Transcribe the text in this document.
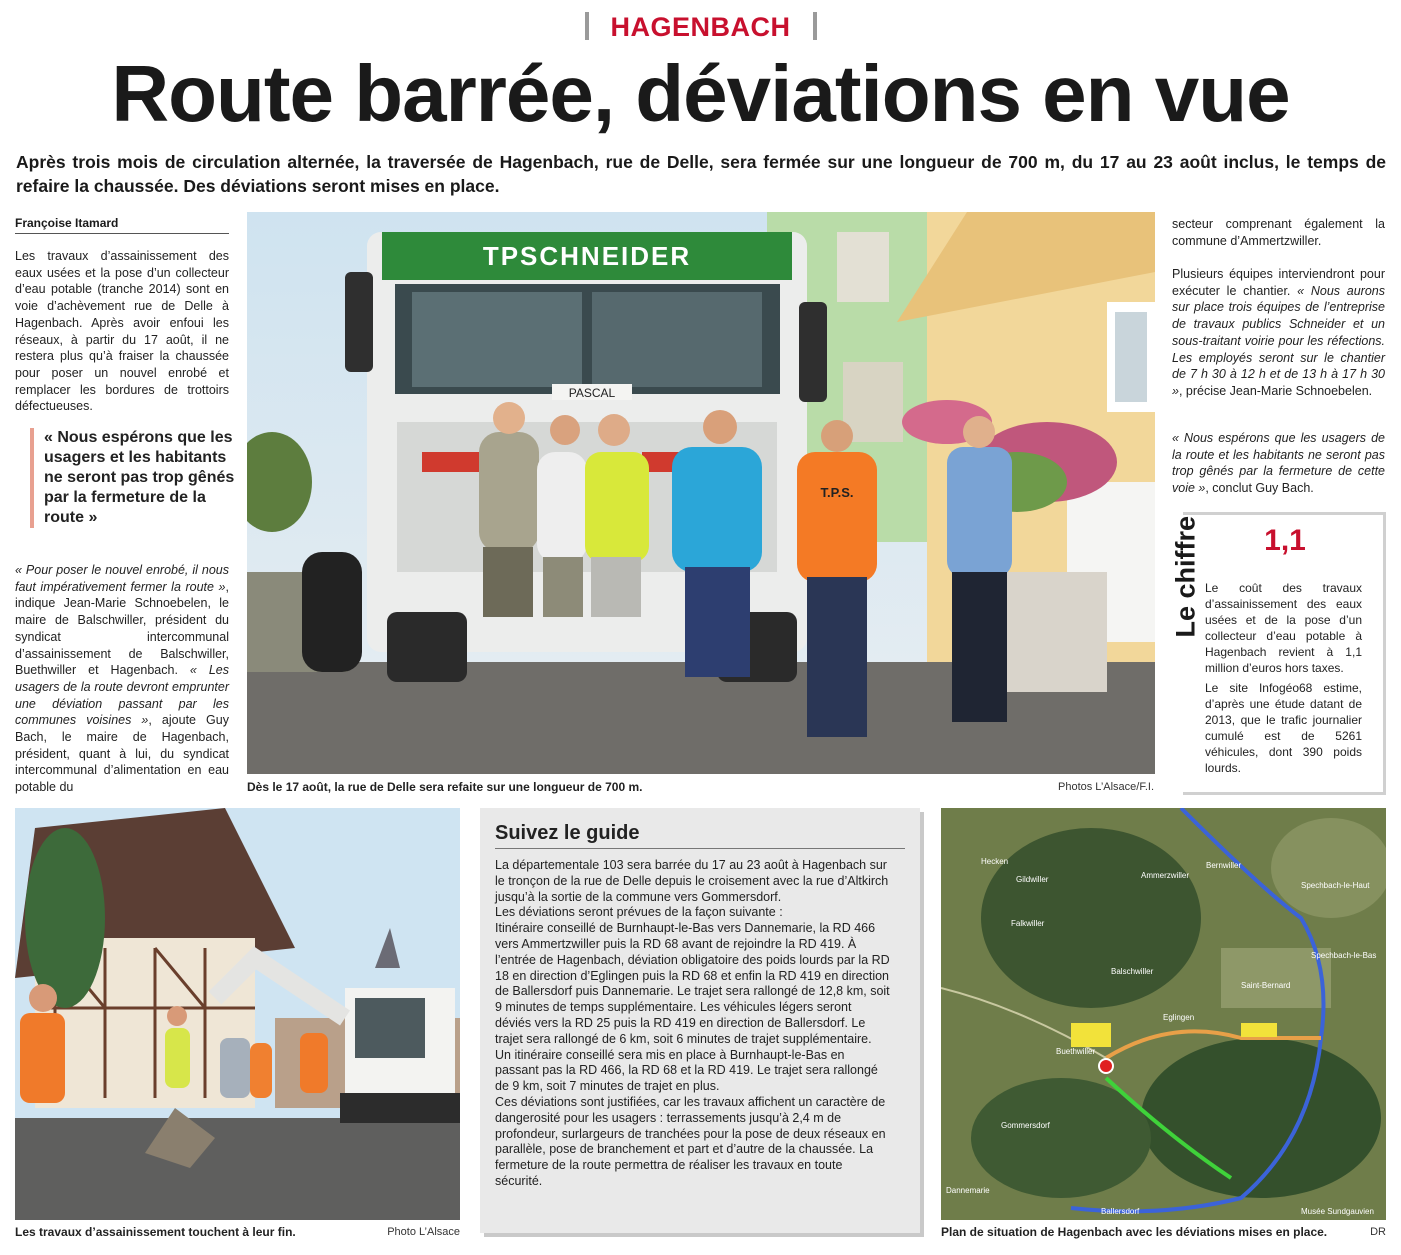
HAGENBACH
Route barrée, déviations en vue
Après trois mois de circulation alternée, la traversée de Hagenbach, rue de Delle, sera fermée sur une longueur de 700 m, du 17 au 23 août inclus, le temps de refaire la chaussée. Des déviations seront mises en place.
Françoise Itamard
Les travaux d’assainissement des eaux usées et la pose d’un collecteur d’eau potable (tranche 2014) sont en voie d’achèvement rue de Delle à Hagenbach. Après avoir enfoui les réseaux, à partir du 17 août, il ne restera plus qu’à fraiser la chaussée pour poser un nouvel enrobé et remplacer les bordures de trottoirs défectueuses.
« Nous espérons que les usagers et les habitants ne seront pas trop gênés par la fermeture de la route »
« Pour poser le nouvel enrobé, il nous faut impérativement fermer la route », indique Jean-Marie Schnoebelen, le maire de Balschwiller, président du syndicat intercommunal d’assainissement de Balschwiller, Buethwiller et Hagenbach. « Les usagers de la route devront emprunter une déviation passant par les communes voisines », ajoute Guy Bach, le maire de Hagenbach, président, quant à lui, du syndicat intercommunal d’alimentation en eau potable du
TPSCHNEIDER
PASCAL
T.P.S.
Dès le 17 août, la rue de Delle sera refaite sur une longueur de 700 m.	Photos L’Alsace/F.I.
secteur comprenant également la commune d’Ammertzwiller.
Plusieurs équipes interviendront pour exécuter le chantier. « Nous aurons sur place trois équipes de l’entreprise de travaux publics Schneider et un sous-traitant voirie pour les réfections. Les employés seront sur le chantier de 7 h 30 à 12 h et de 13 h à 17 h 30 », précise Jean-Marie Schnoebelen.
« Nous espérons que les usagers de la route et les habitants ne seront pas trop gênés par la fermeture de cette voie », conclut Guy Bach.
Le chiffre	1,1
Le coût des travaux d’assainissement des eaux usées et de la pose d’un collecteur d’eau potable à Hagenbach revient à 1,1 million d’euros hors taxes.
Le site Infogéo68 estime, d’après une étude datant de 2013, que le trafic journalier cumulé est de 5261 véhicules, dont 390 poids lourds.
Les travaux d’assainissement touchent à leur fin.	Photo L’Alsace
Suivez le guide
La départementale 103 sera barrée du 17 au 23 août à Hagenbach sur le tronçon de la rue de Delle depuis le croisement avec la rue d’Altkirch jusqu’à la sortie de la commune vers Gommersdorf.
Les déviations seront prévues de la façon suivante :
Itinéraire conseillé de Burnhaupt-le-Bas vers Dannemarie, la RD 466 vers Ammertzwiller puis la RD 68 avant de rejoindre la RD 419. À l’entrée de Hagenbach, déviation obligatoire des poids lourds par la RD 18 en direction d’Eglingen puis la RD 68 et enfin la RD 419 en direction de Ballersdorf puis Dannemarie. Le trajet sera rallongé de 12,8 km, soit 9 minutes de temps supplémentaire. Les véhicules légers seront déviés vers la RD 25 puis la RD 419 en direction de Ballersdorf. Le trajet sera rallongé de 6 km, soit 6 minutes de trajet supplémentaire. Un itinéraire conseillé sera mis en place à Burnhaupt-le-Bas en passant pas la RD 466, la RD 68 et la RD 419. Le trajet sera rallongé de 9 km, soit 7 minutes de trajet en plus.
Ces déviations sont justifiées, car les travaux affichent un caractère de dangerosité pour les usagers : terrassements jusqu’à 2,4 m de profondeur, surlargeurs de tranchées pour la pose de deux réseaux en parallèle, pose de branchement et part et d’autre de la chaussée. La fermeture de la route permettra de réaliser les travaux en toute sécurité.
Hecken
Gildwiller	Ammerzwiller
Bernwiller
Spechbach-le-Haut
Falkwiller
Spechbach-le-Bas
Balschwiller
Saint-Bernard
Eglingen
Buethwiller
Gommersdorf
Ballersdorf
Dannemarie
Musée Sundgauvien
Plan de situation de Hagenbach avec les déviations mises en place.	DR
